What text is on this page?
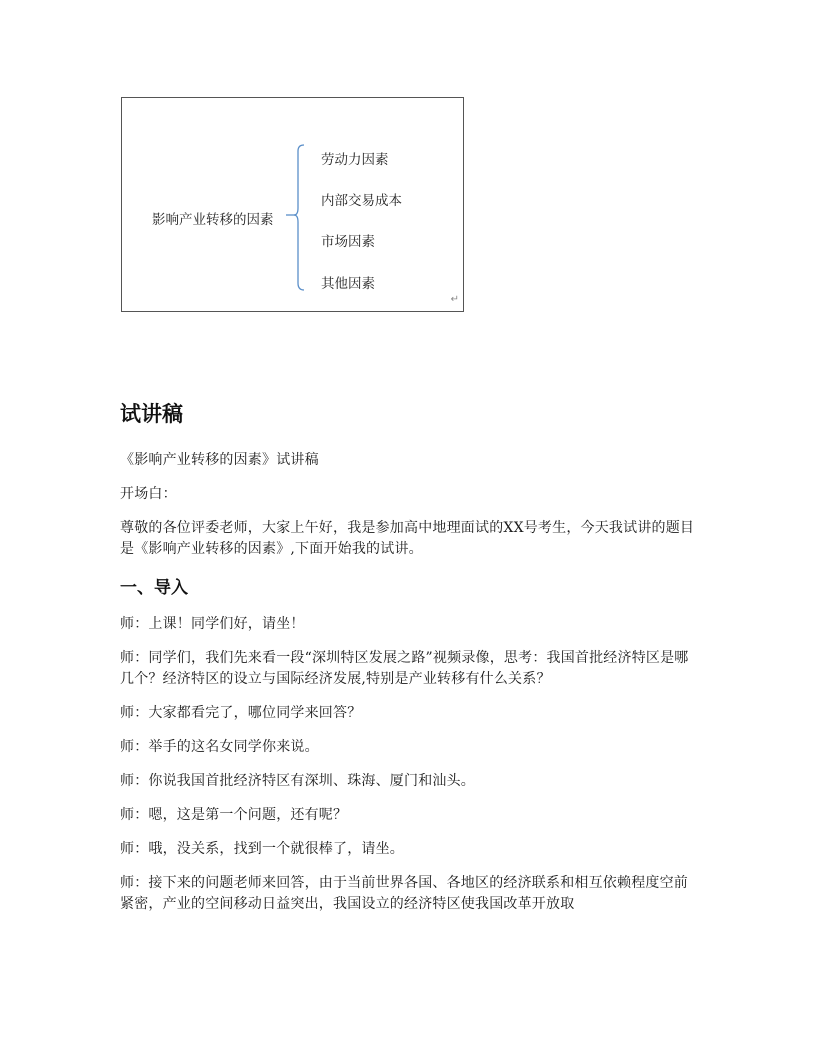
影响产业转移的因素
劳动力因素
内部交易成本
市场因素
其他因素
↵
试讲稿

《影响产业转移的因素》试讲稿

开场白：

尊敬的各位评委老师，大家上午好，我是参加高中地理面试的XX号考生，今天我试讲的题目是《影响产业转移的因素》,下面开始我的试讲。

一、导入

师：上课！同学们好，请坐！

师：同学们，我们先来看一段“深圳特区发展之路”视频录像，思考：我国首批经济特区是哪几个？经济特区的设立与国际经济发展,特别是产业转移有什么关系？

师：大家都看完了，哪位同学来回答？

师：举手的这名女同学你来说。

师：你说我国首批经济特区有深圳、珠海、厦门和汕头。

师：嗯，这是第一个问题，还有呢？

师：哦，没关系，找到一个就很棒了，请坐。

师：接下来的问题老师来回答，由于当前世界各国、各地区的经济联系和相互依赖程度空前紧密，产业的空间移动日益突出，我国设立的经济特区使我国改革开放取
